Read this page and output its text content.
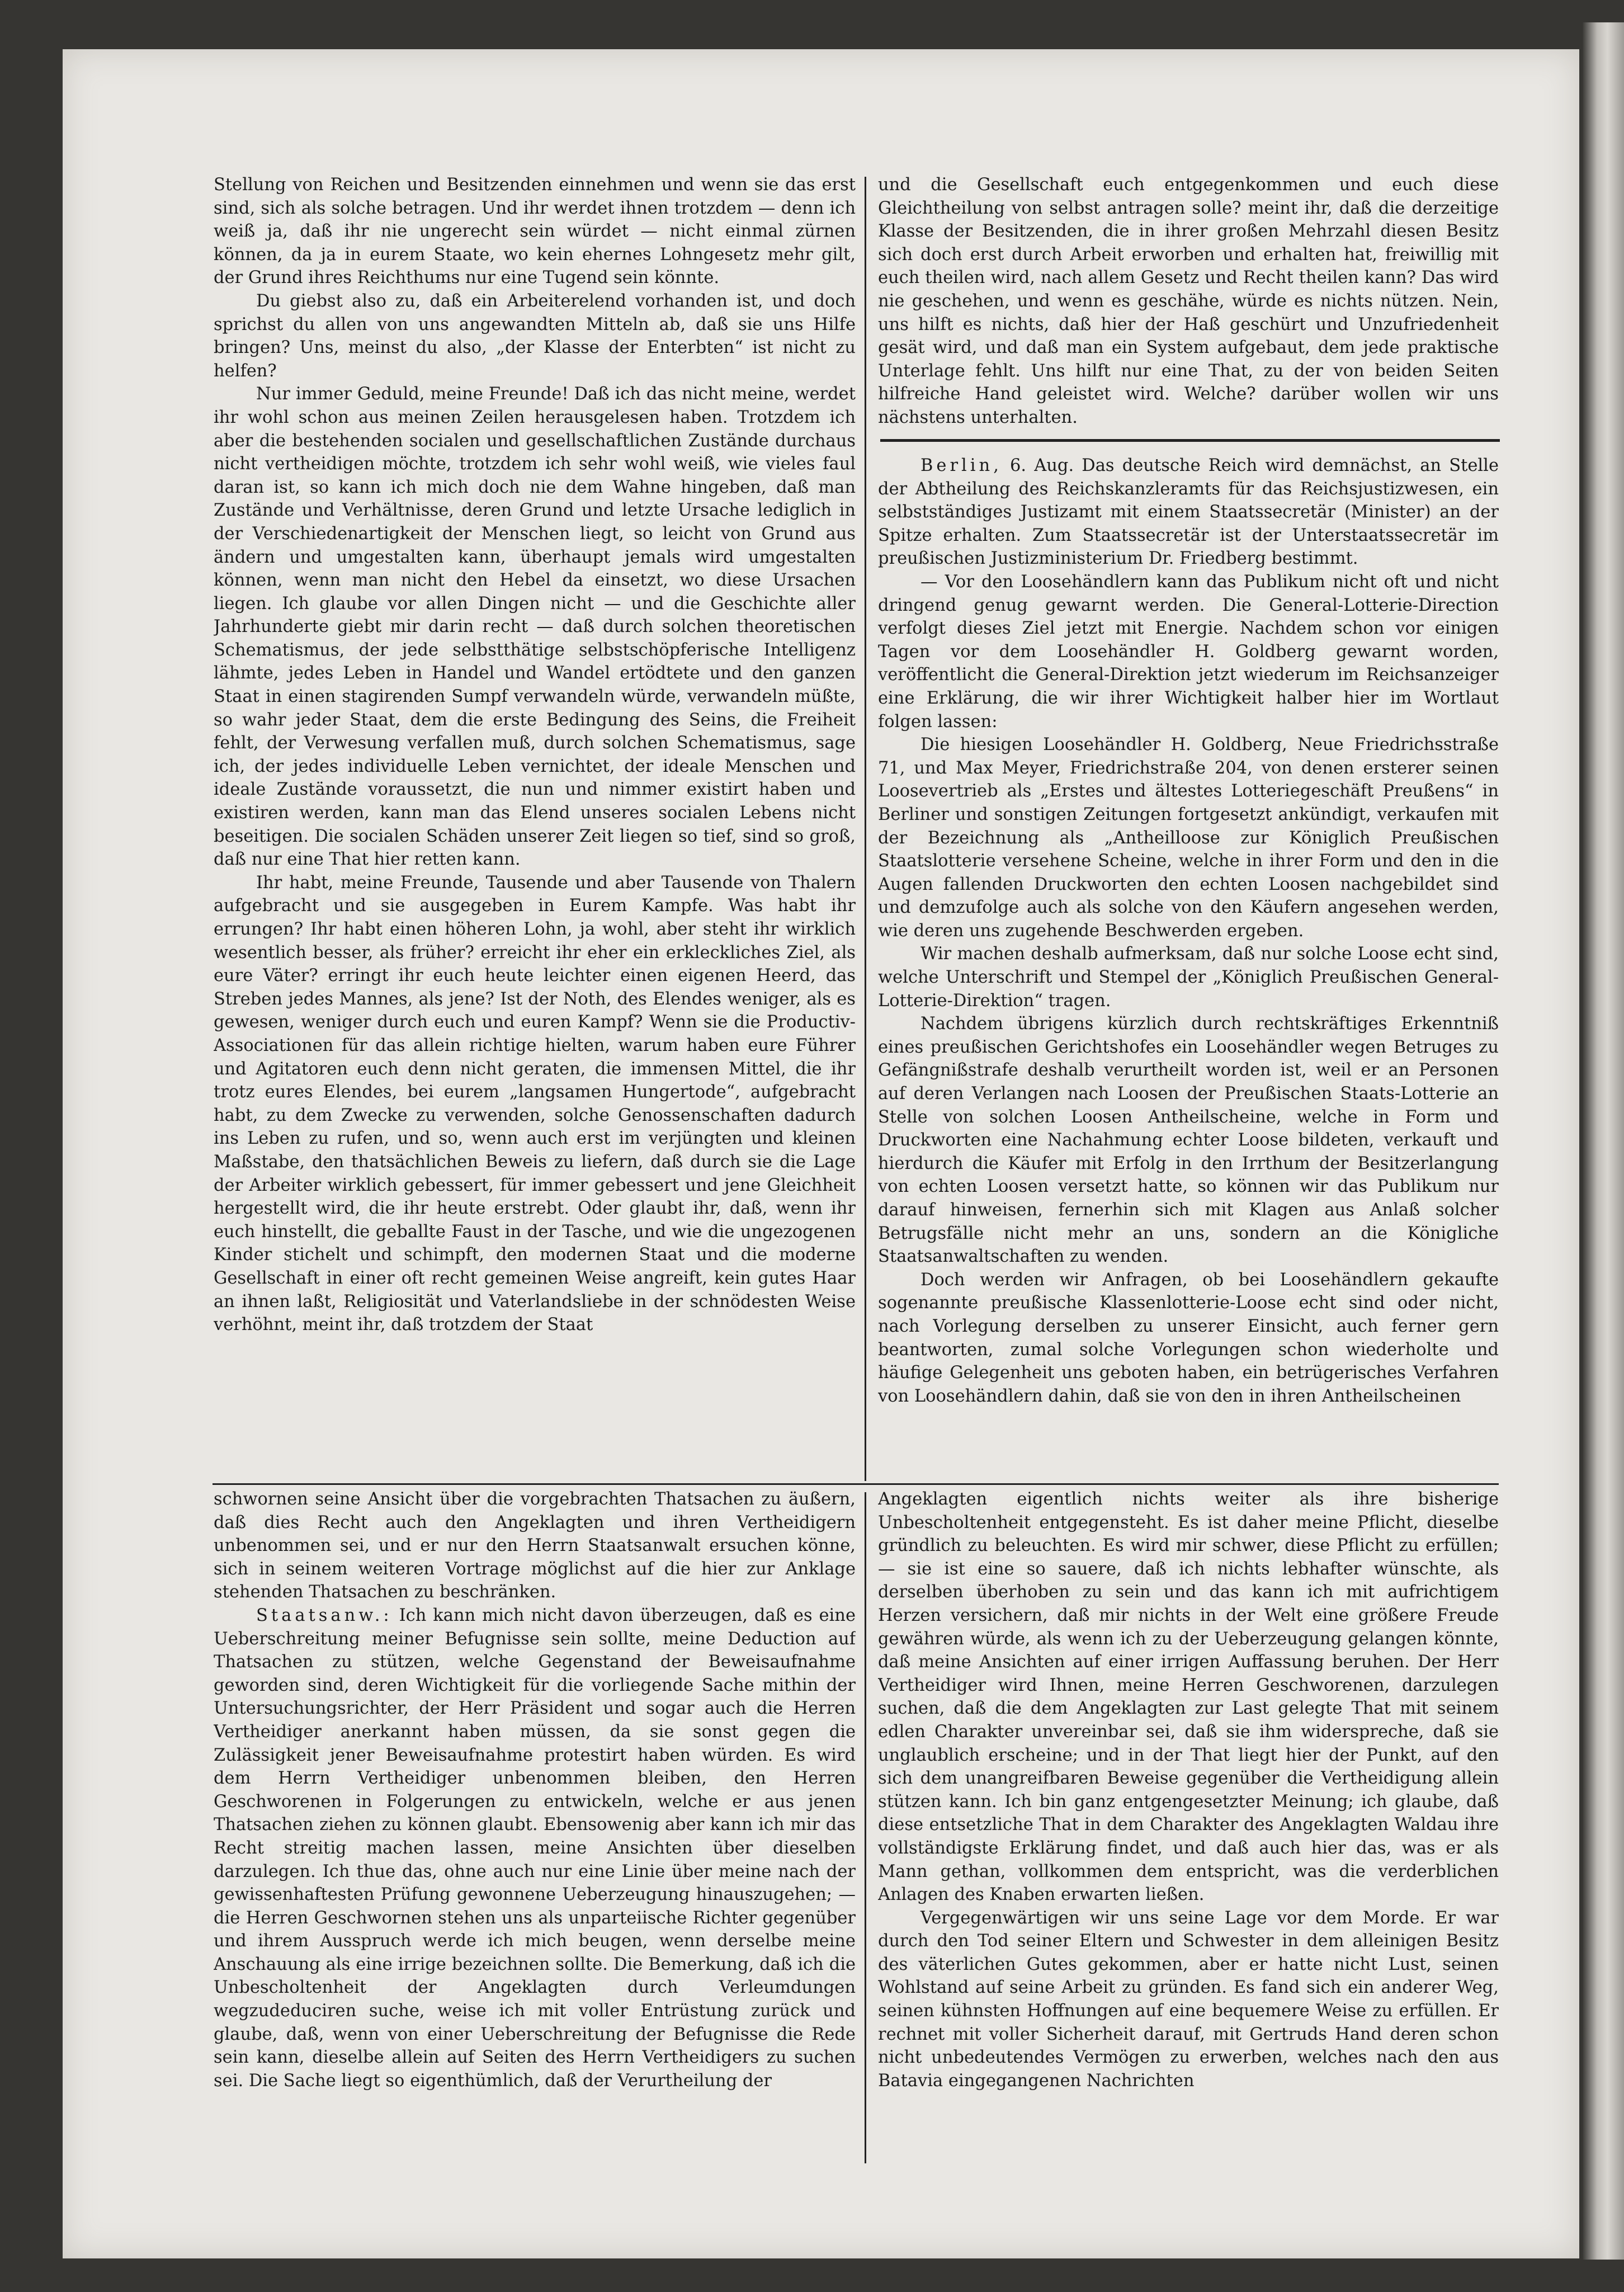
Stellung von Reichen und Besitzenden einnehmen und wenn sie das erst sind, sich als solche betragen. Und ihr werdet ihnen trotzdem — denn ich weiß ja, daß ihr nie ungerecht sein würdet — nicht einmal zürnen können, da ja in eurem Staate, wo kein ehernes Lohngesetz mehr gilt, der Grund ihres Reichthums nur eine Tugend sein könnte.

Du giebst also zu, daß ein Arbeiterelend vorhanden ist, und doch sprichst du allen von uns angewandten Mitteln ab, daß sie uns Hilfe bringen? Uns, meinst du also, „der Klasse der Enterbten“ ist nicht zu helfen?

Nur immer Geduld, meine Freunde! Daß ich das nicht meine, werdet ihr wohl schon aus meinen Zeilen herausgelesen haben. Trotzdem ich aber die bestehenden socialen und gesellschaftlichen Zustände durchaus nicht vertheidigen möchte, trotzdem ich sehr wohl weiß, wie vieles faul daran ist, so kann ich mich doch nie dem Wahne hingeben, daß man Zustände und Verhältnisse, deren Grund und letzte Ursache lediglich in der Verschiedenartigkeit der Menschen liegt, so leicht von Grund aus ändern und umgestalten kann, überhaupt jemals wird umgestalten können, wenn man nicht den Hebel da einsetzt, wo diese Ursachen liegen. Ich glaube vor allen Dingen nicht — und die Geschichte aller Jahrhunderte giebt mir darin recht — daß durch solchen theoretischen Schematismus, der jede selbstthätige selbstschöpferische Intelligenz lähmte, jedes Leben in Handel und Wandel ertödtete und den ganzen Staat in einen stagirenden Sumpf verwandeln würde, verwandeln müßte, so wahr jeder Staat, dem die erste Bedingung des Seins, die Freiheit fehlt, der Verwesung verfallen muß, durch solchen Schematismus, sage ich, der jedes individuelle Leben vernichtet, der ideale Menschen und ideale Zustände voraussetzt, die nun und nimmer existirt haben und existiren werden, kann man das Elend unseres socialen Lebens nicht beseitigen. Die socialen Schäden unserer Zeit liegen so tief, sind so groß, daß nur eine That hier retten kann.

Ihr habt, meine Freunde, Tausende und aber Tausende von Thalern aufgebracht und sie ausgegeben in Eurem Kampfe. Was habt ihr errungen? Ihr habt einen höheren Lohn, ja wohl, aber steht ihr wirklich wesentlich besser, als früher? erreicht ihr eher ein erkleckliches Ziel, als eure Väter? erringt ihr euch heute leichter einen eigenen Heerd, das Streben jedes Mannes, als jene? Ist der Noth, des Elendes weniger, als es gewesen, weniger durch euch und euren Kampf? Wenn sie die Productiv-Associationen für das allein richtige hielten, warum haben eure Führer und Agitatoren euch denn nicht geraten, die immensen Mittel, die ihr trotz eures Elendes, bei eurem „langsamen Hungertode“, aufgebracht habt, zu dem Zwecke zu verwenden, solche Genossenschaften dadurch ins Leben zu rufen, und so, wenn auch erst im verjüngten und kleinen Maßstabe, den thatsächlichen Beweis zu liefern, daß durch sie die Lage der Arbeiter wirklich gebessert, für immer gebessert und jene Gleichheit hergestellt wird, die ihr heute erstrebt. Oder glaubt ihr, daß, wenn ihr euch hinstellt, die geballte Faust in der Tasche, und wie die ungezogenen Kinder stichelt und schimpft, den modernen Staat und die moderne Gesellschaft in einer oft recht gemeinen Weise angreift, kein gutes Haar an ihnen laßt, Religiosität und Vaterlandsliebe in der schnödesten Weise verhöhnt, meint ihr, daß trotzdem der Staat

und die Gesellschaft euch entgegenkommen und euch diese Gleichtheilung von selbst antragen solle? meint ihr, daß die derzeitige Klasse der Besitzenden, die in ihrer großen Mehrzahl diesen Besitz sich doch erst durch Arbeit erworben und erhalten hat, freiwillig mit euch theilen wird, nach allem Gesetz und Recht theilen kann? Das wird nie geschehen, und wenn es geschähe, würde es nichts nützen. Nein, uns hilft es nichts, daß hier der Haß geschürt und Unzufriedenheit gesät wird, und daß man ein System aufgebaut, dem jede praktische Unterlage fehlt. Uns hilft nur eine That, zu der von beiden Seiten hilfreiche Hand geleistet wird. Welche? darüber wollen wir uns nächstens unterhalten.

Berlin, 6. Aug. Das deutsche Reich wird demnächst, an Stelle der Abtheilung des Reichskanzleramts für das Reichsjustizwesen, ein selbstständiges Justizamt mit einem Staatssecretär (Minister) an der Spitze erhalten. Zum Staatssecretär ist der Unterstaatssecretär im preußischen Justizministerium Dr. Friedberg bestimmt.

— Vor den Loosehändlern kann das Publikum nicht oft und nicht dringend genug gewarnt werden. Die General-Lotterie-Direction verfolgt dieses Ziel jetzt mit Energie. Nachdem schon vor einigen Tagen vor dem Loosehändler H. Goldberg gewarnt worden, veröffentlicht die General-Direktion jetzt wiederum im Reichsanzeiger eine Erklärung, die wir ihrer Wichtigkeit halber hier im Wortlaut folgen lassen:

Die hiesigen Loosehändler H. Goldberg, Neue Friedrichsstraße 71, und Max Meyer, Friedrichstraße 204, von denen ersterer seinen Loosevertrieb als „Erstes und ältestes Lotteriegeschäft Preußens“ in Berliner und sonstigen Zeitungen fortgesetzt ankündigt, verkaufen mit der Bezeichnung als „Antheilloose zur Königlich Preußischen Staatslotterie versehene Scheine, welche in ihrer Form und den in die Augen fallenden Druckworten den echten Loosen nachgebildet sind und demzufolge auch als solche von den Käufern angesehen werden, wie deren uns zugehende Beschwerden ergeben.

Wir machen deshalb aufmerksam, daß nur solche Loose echt sind, welche Unterschrift und Stempel der „Königlich Preußischen General-Lotterie-Direktion“ tragen.

Nachdem übrigens kürzlich durch rechtskräftiges Erkenntniß eines preußischen Gerichtshofes ein Loosehändler wegen Betruges zu Gefängnißstrafe deshalb verurtheilt worden ist, weil er an Personen auf deren Verlangen nach Loosen der Preußischen Staats-Lotterie an Stelle von solchen Loosen Antheilscheine, welche in Form und Druckworten eine Nachahmung echter Loose bildeten, verkauft und hierdurch die Käufer mit Erfolg in den Irrthum der Besitzerlangung von echten Loosen versetzt hatte, so können wir das Publikum nur darauf hinweisen, fernerhin sich mit Klagen aus Anlaß solcher Betrugsfälle nicht mehr an uns, sondern an die Königliche Staatsanwaltschaften zu wenden.

Doch werden wir Anfragen, ob bei Loosehändlern gekaufte sogenannte preußische Klassenlotterie-Loose echt sind oder nicht, nach Vorlegung derselben zu unserer Einsicht, auch ferner gern beantworten, zumal solche Vorlegungen schon wiederholte und häufige Gelegenheit uns geboten haben, ein betrügerisches Verfahren von Loosehändlern dahin, daß sie von den in ihren Antheilscheinen

schwornen seine Ansicht über die vorgebrachten Thatsachen zu äußern, daß dies Recht auch den Angeklagten und ihren Vertheidigern unbenommen sei, und er nur den Herrn Staatsanwalt ersuchen könne, sich in seinem weiteren Vortrage möglichst auf die hier zur Anklage stehenden Thatsachen zu beschränken.

Staatsanw.: Ich kann mich nicht davon überzeugen, daß es eine Ueberschreitung meiner Befugnisse sein sollte, meine Deduction auf Thatsachen zu stützen, welche Gegenstand der Beweisaufnahme geworden sind, deren Wichtigkeit für die vorliegende Sache mithin der Untersuchungsrichter, der Herr Präsident und sogar auch die Herren Vertheidiger anerkannt haben müssen, da sie sonst gegen die Zulässigkeit jener Beweisaufnahme protestirt haben würden. Es wird dem Herrn Vertheidiger unbenommen bleiben, den Herren Geschworenen in Folgerungen zu entwickeln, welche er aus jenen Thatsachen ziehen zu können glaubt. Ebensowenig aber kann ich mir das Recht streitig machen lassen, meine Ansichten über dieselben darzulegen. Ich thue das, ohne auch nur eine Linie über meine nach der gewissenhaftesten Prüfung gewonnene Ueberzeugung hinauszugehen; — die Herren Geschwornen stehen uns als unparteiische Richter gegenüber und ihrem Ausspruch werde ich mich beugen, wenn derselbe meine Anschauung als eine irrige bezeichnen sollte. Die Bemerkung, daß ich die Unbescholtenheit der Angeklagten durch Verleumdungen wegzudeduciren suche, weise ich mit voller Entrüstung zurück und glaube, daß, wenn von einer Ueberschreitung der Befugnisse die Rede sein kann, dieselbe allein auf Seiten des Herrn Vertheidigers zu suchen sei. Die Sache liegt so eigenthümlich, daß der Verurtheilung der

Angeklagten eigentlich nichts weiter als ihre bisherige Unbescholtenheit entgegensteht. Es ist daher meine Pflicht, dieselbe gründlich zu beleuchten. Es wird mir schwer, diese Pflicht zu erfüllen; — sie ist eine so sauere, daß ich nichts lebhafter wünschte, als derselben überhoben zu sein und das kann ich mit aufrichtigem Herzen versichern, daß mir nichts in der Welt eine größere Freude gewähren würde, als wenn ich zu der Ueberzeugung gelangen könnte, daß meine Ansichten auf einer irrigen Auffassung beruhen. Der Herr Vertheidiger wird Ihnen, meine Herren Geschworenen, darzulegen suchen, daß die dem Angeklagten zur Last gelegte That mit seinem edlen Charakter unvereinbar sei, daß sie ihm widerspreche, daß sie unglaublich erscheine; und in der That liegt hier der Punkt, auf den sich dem unangreifbaren Beweise gegenüber die Vertheidigung allein stützen kann. Ich bin ganz entgengesetzter Meinung; ich glaube, daß diese entsetzliche That in dem Charakter des Angeklagten Waldau ihre vollständigste Erklärung findet, und daß auch hier das, was er als Mann gethan, vollkommen dem entspricht, was die verderblichen Anlagen des Knaben erwarten ließen.

Vergegenwärtigen wir uns seine Lage vor dem Morde. Er war durch den Tod seiner Eltern und Schwester in dem alleinigen Besitz des väterlichen Gutes gekommen, aber er hatte nicht Lust, seinen Wohlstand auf seine Arbeit zu gründen. Es fand sich ein anderer Weg, seinen kühnsten Hoffnungen auf eine bequemere Weise zu erfüllen. Er rechnet mit voller Sicherheit darauf, mit Gertruds Hand deren schon nicht unbedeutendes Vermögen zu erwerben, welches nach den aus Batavia eingegangenen Nachrichten
